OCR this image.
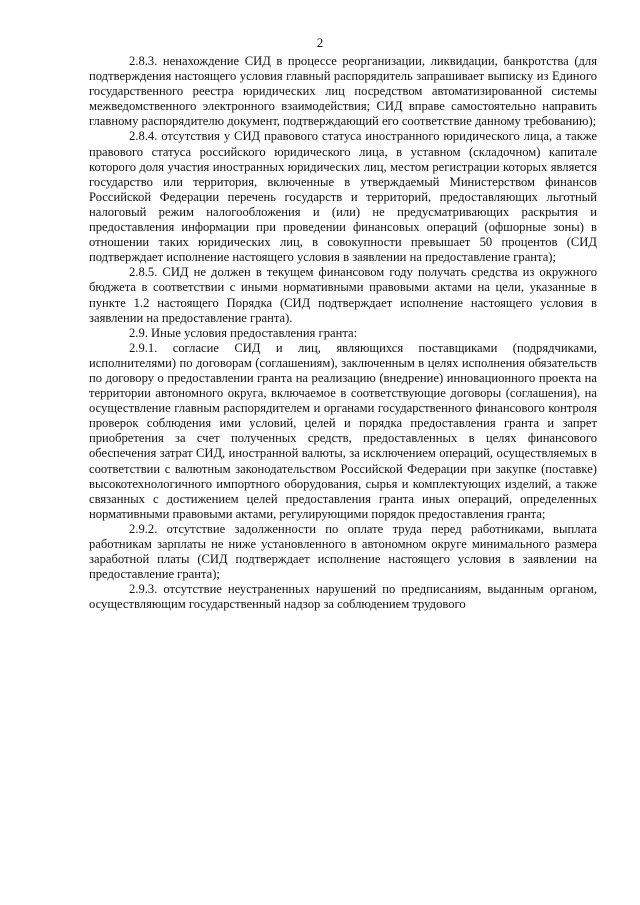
2

2.8.3. ненахождение СИД в процессе реорганизации, ликвидации, банкротства (для подтверждения настоящего условия главный распорядитель запрашивает выписку из Единого государственного реестра юридических лиц посредством автоматизированной системы межведомственного электронного взаимодействия; СИД вправе самостоятельно направить главному распорядителю документ, подтверждающий его соответствие данному требованию);

2.8.4. отсутствия у СИД правового статуса иностранного юридического лица, а также правового статуса российского юридического лица, в уставном (складочном) капитале которого доля участия иностранных юридических лиц, местом регистрации которых является государство или территория, включенные в утверждаемый Министерством финансов Российской Федерации перечень государств и территорий, предоставляющих льготный налоговый режим налогообложения и (или) не предусматривающих раскрытия и предоставления информации при проведении финансовых операций (офшорные зоны) в отношении таких юридических лиц, в совокупности превышает 50 процентов (СИД подтверждает исполнение настоящего условия в заявлении на предоставление гранта);

2.8.5. СИД не должен в текущем финансовом году получать средства из окружного бюджета в соответствии с иными нормативными правовыми актами на цели, указанные в пункте 1.2 настоящего Порядка (СИД подтверждает исполнение настоящего условия в заявлении на предоставление гранта).

2.9. Иные условия предоставления гранта:

2.9.1. согласие СИД и лиц, являющихся поставщиками (подрядчиками, исполнителями) по договорам (соглашениям), заключенным в целях исполнения обязательств по договору о предоставлении гранта на реализацию (внедрение) инновационного проекта на территории автономного округа, включаемое в соответствующие договоры (соглашения), на осуществление главным распорядителем и органами государственного финансового контроля проверок соблюдения ими условий, целей и порядка предоставления гранта и запрет приобретения за счет полученных средств, предоставленных в целях финансового обеспечения затрат СИД, иностранной валюты, за исключением операций, осуществляемых в соответствии с валютным законодательством Российской Федерации при закупке (поставке) высокотехнологичного импортного оборудования, сырья и комплектующих изделий, а также связанных с достижением целей предоставления гранта иных операций, определенных нормативными правовыми актами, регулирующими порядок предоставления гранта;

2.9.2. отсутствие задолженности по оплате труда перед работниками, выплата работникам зарплаты не ниже установленного в автономном округе минимального размера заработной платы (СИД подтверждает исполнение настоящего условия в заявлении на предоставление гранта);

2.9.3. отсутствие неустраненных нарушений по предписаниям, выданным органом, осуществляющим государственный надзор за соблюдением трудового
